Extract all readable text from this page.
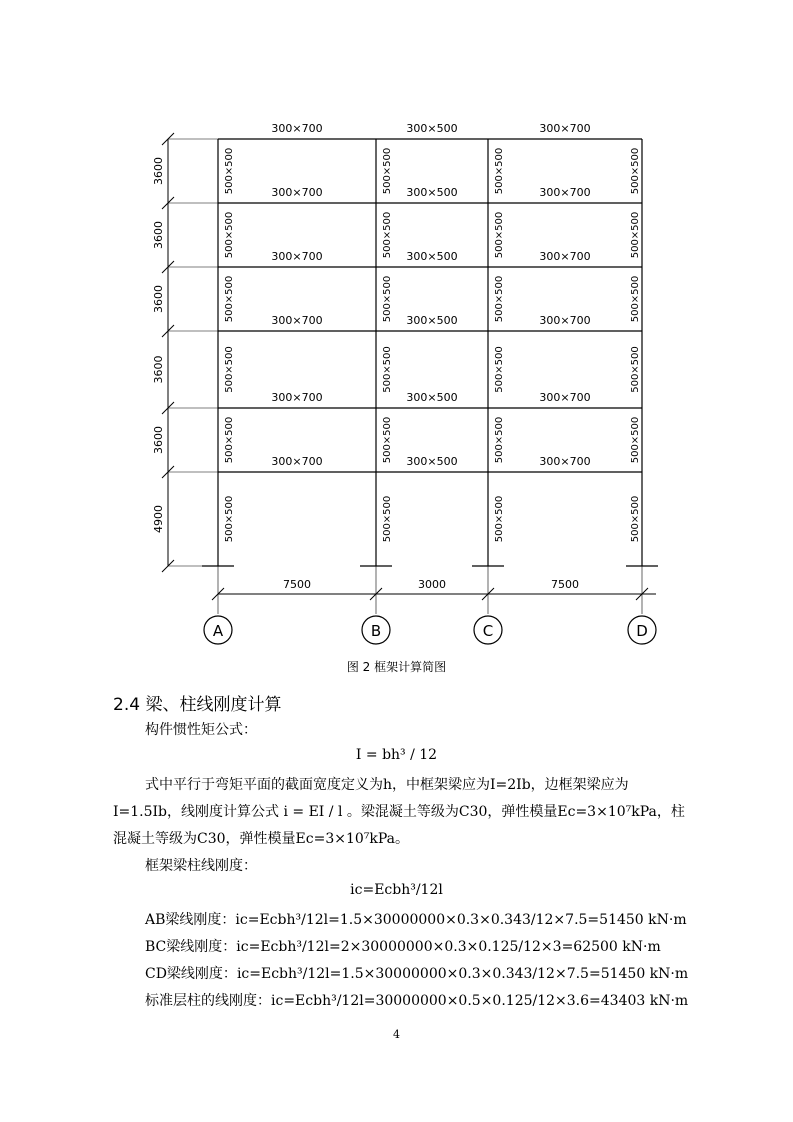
300×700	300×500	300×700
300×700	300×500	300×700
300×700	300×500	300×700
300×700	300×500	300×700
300×700	300×500	300×700
300×700	300×500	300×700
500×500	500×500	500×500	500×500
500×500	500×500	500×500	500×500
500×500	500×500	500×500	500×500
500×500	500×500	500×500	500×500
500×500	500×500	500×500	500×500
500×500	500×500	500×500	500×500
3600
3600
3600
3600
3600
4900
7500	3000	7500
A	B	C	D
图 2 框架计算简图
2.4 梁、柱线刚度计算
构件惯性矩公式：
I = bh³ / 12
式中平行于弯矩平面的截面宽度定义为h，中框架梁应为I=2Ib，边框架梁应为
I=1.5Ib，线刚度计算公式 i = EI / l 。梁混凝土等级为C30，弹性模量Ec=3×10⁷kPa，柱
混凝土等级为C30，弹性模量Ec=3×10⁷kPa。
框架梁柱线刚度：
ic=Ecbh³/12l
AB梁线刚度：ic=Ecbh³/12l=1.5×30000000×0.3×0.343/12×7.5=51450 kN·m
BC梁线刚度：ic=Ecbh³/12l=2×30000000×0.3×0.125/12×3=62500 kN·m
CD梁线刚度：ic=Ecbh³/12l=1.5×30000000×0.3×0.343/12×7.5=51450 kN·m
标准层柱的线刚度：ic=Ecbh³/12l=30000000×0.5×0.125/12×3.6=43403 kN·m
4
